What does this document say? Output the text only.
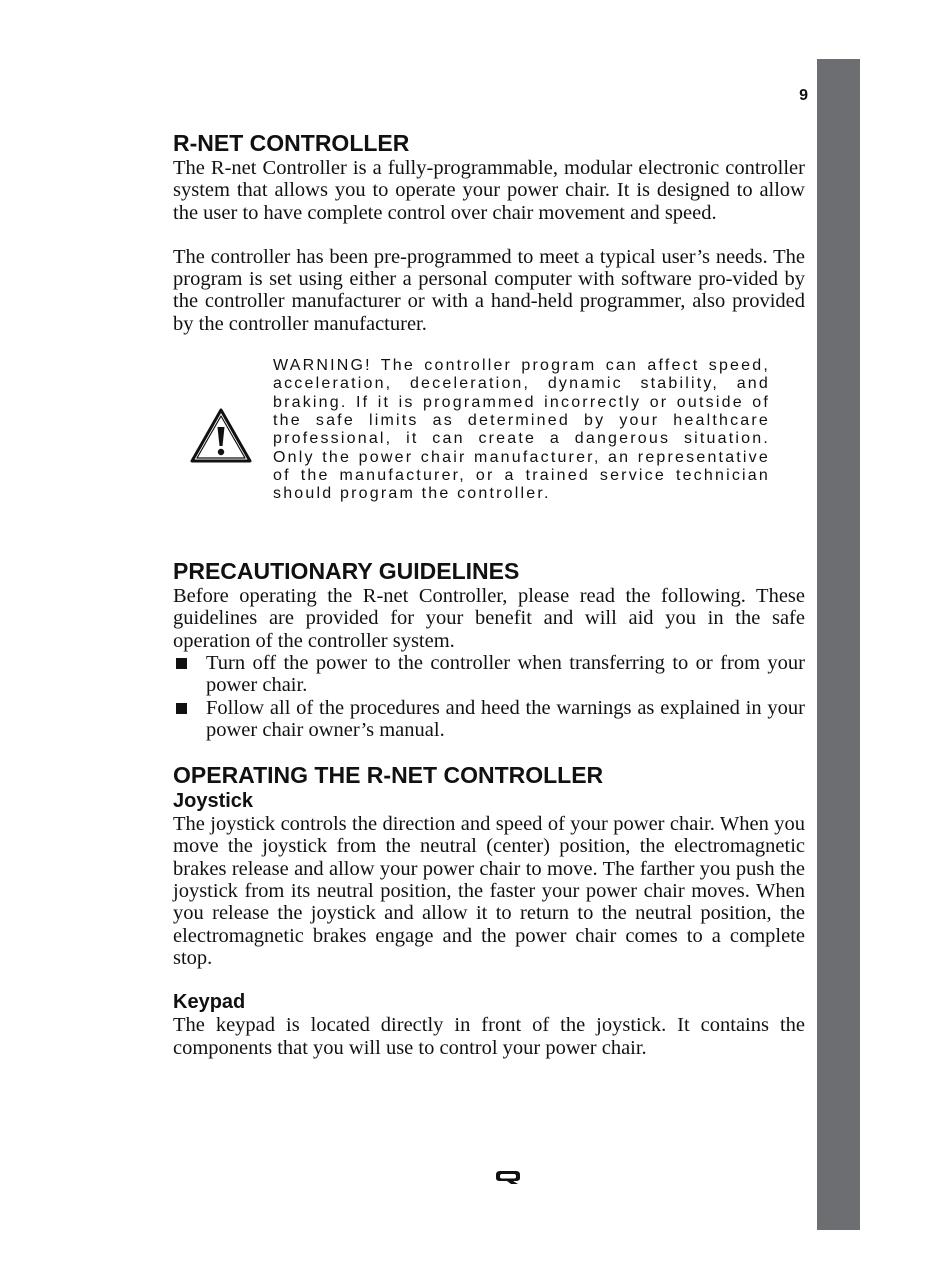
9
R-NET CONTROLLER

The R-net Controller is a fully-programmable, modular electronic controller system that allows you to operate your power chair. It is designed to allow the user to have complete control over chair movement and speed.

The controller has been pre-programmed to meet a typical user’s needs. The program is set using either a personal computer with software pro-vided by the controller manufacturer or with a hand-held programmer, also provided by the controller manufacturer.

WARNING! The controller program can affect speed, acceleration, deceleration, dynamic stability, and braking. If it is programmed incorrectly or outside of the safe limits as determined by your healthcare professional, it can create a dangerous situation. Only the power chair manufacturer, an representative of the manufacturer, or a trained service technician should program the controller.
PRECAUTIONARY GUIDELINES

Before operating the R-net Controller, please read the following. These guidelines are provided for your benefit and will aid you in the safe operation of the controller system.

Turn off the power to the controller when transferring to or from your power chair.
Follow all of the procedures and heed the warnings as explained in your power chair owner’s manual.
OPERATING THE R-NET CONTROLLER
Joystick

The joystick controls the direction and speed of your power chair. When you move the joystick from the neutral (center) position, the electromagnetic brakes release and allow your power chair to move. The farther you push the joystick from its neutral position, the faster your power chair moves. When you release the joystick and allow it to return to the neutral position, the electromagnetic brakes engage and the power chair comes to a complete stop.

Keypad

The keypad is located directly in front of the joystick. It contains the components that you will use to control your power chair.
